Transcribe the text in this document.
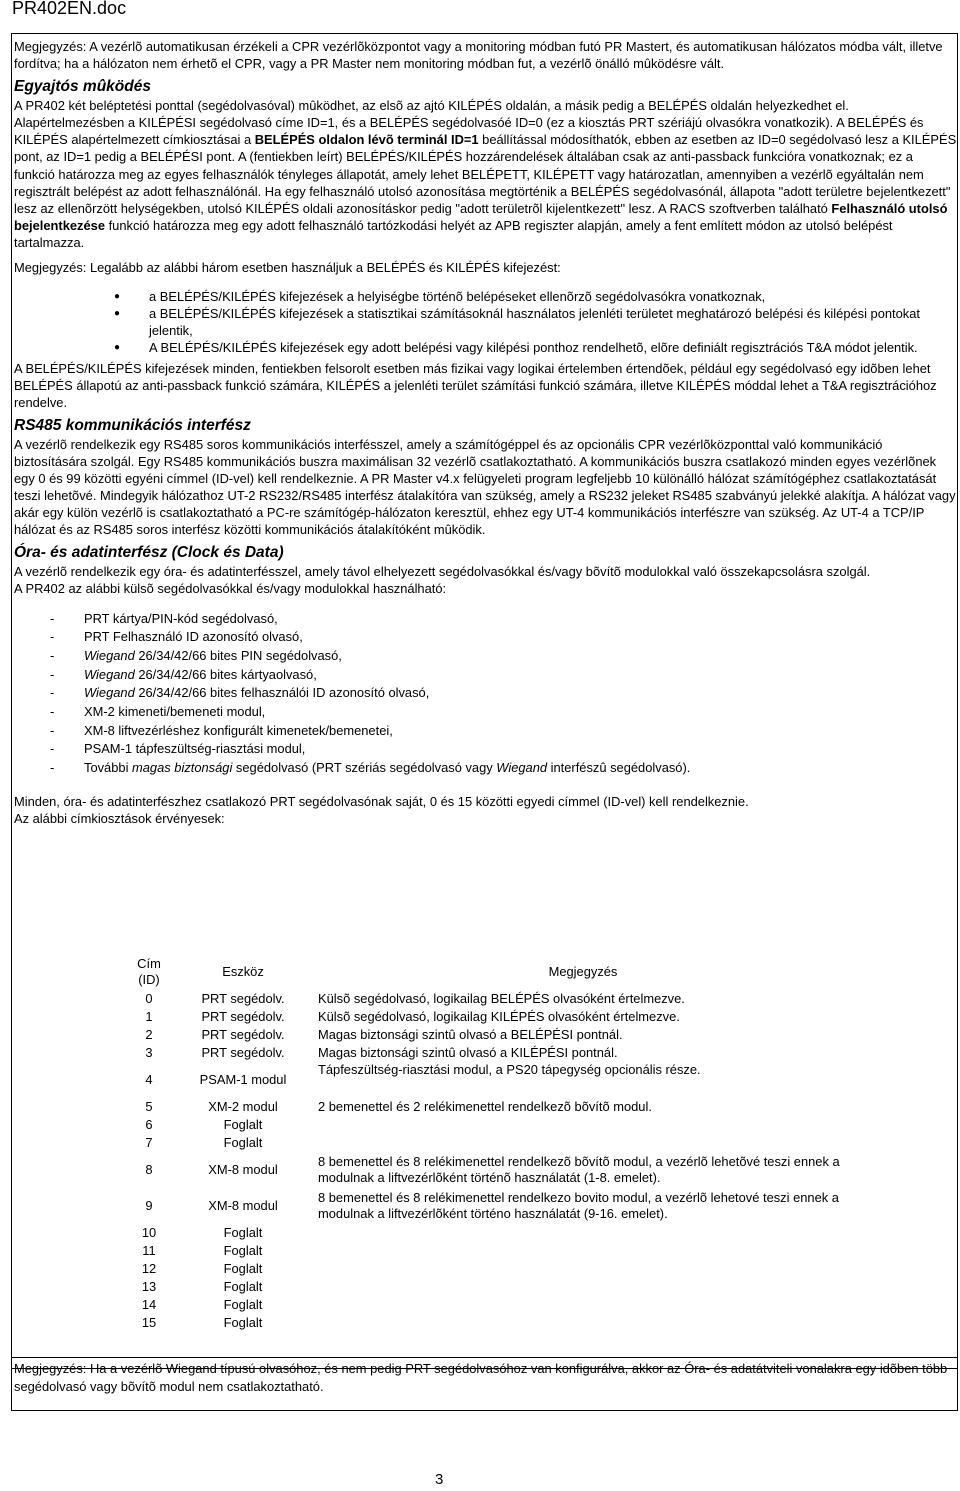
PR402EN.doc

Megjegyzés: A vezérlõ automatikusan érzékeli a CPR vezérlõközpontot vagy a monitoring módban futó PR Mastert, és automatikusan hálózatos módba vált, illetve fordítva; ha a hálózaton nem érhetõ el CPR, vagy a PR Master nem monitoring módban fut, a vezérlõ önálló mûködésre vált.

Egyajtós mûködés

A PR402 két beléptetési ponttal (segédolvasóval) mûködhet, az elsõ az ajtó KILÉPÉS oldalán, a másik pedig a BELÉPÉS oldalán helyezkedhet el. Alapértelmezésben a KILÉPÉSI segédolvasó címe ID=1, és a BELÉPÉS segédolvasóé ID=0 (ez a kiosztás PRT szériájú olvasókra vonatkozik). A BELÉPÉS és KILÉPÉS alapértelmezett címkiosztásai a BELÉPÉS oldalon lévõ terminál ID=1 beállítással módosíthatók, ebben az esetben az ID=0 segédolvasó lesz a KILÉPÉS pont, az ID=1 pedig a BELÉPÉSI pont. A (fentiekben leírt) BELÉPÉS/KILÉPÉS hozzárendelések általában csak az anti-passback funkcióra vonatkoznak; ez a funkció határozza meg az egyes felhasználók tényleges állapotát, amely lehet BELÉPETT, KILÉPETT vagy határozatlan, amennyiben a vezérlõ egyáltalán nem regisztrált belépést az adott felhasználónál. Ha egy felhasználó utolsó azonosítása megtörténik a BELÉPÉS segédolvasónál, állapota "adott területre bejelentkezett" lesz az ellenõrzött helységekben, utolsó KILÉPÉS oldali azonosításkor pedig "adott területrõl kijelentkezett" lesz. A RACS szoftverben található Felhasználó utolsó bejelentkezése funkció határozza meg egy adott felhasználó tartózkodási helyét az APB regiszter alapján, amely a fent említett módon az utolsó belépést tartalmazza.

Megjegyzés: Legalább az alábbi három esetben használjuk a BELÉPÉS és KILÉPÉS kifejezést:

● a BELÉPÉS/KILÉPÉS kifejezések a helyiségbe történõ belépéseket ellenõrzõ segédolvasókra vonatkoznak,
● a BELÉPÉS/KILÉPÉS kifejezések a statisztikai számításoknál használatos jelenléti területet meghatározó belépési és kilépési pontokat jelentik,
● A BELÉPÉS/KILÉPÉS kifejezések egy adott belépési vagy kilépési ponthoz rendelhetõ, elõre definiált regisztrációs T&A módot jelentik.

A BELÉPÉS/KILÉPÉS kifejezések minden, fentiekben felsorolt esetben más fizikai vagy logikai értelemben értendõek, például egy segédolvasó egy idõben lehet BELÉPÉS állapotú az anti-passback funkció számára, KILÉPÉS a jelenléti terület számítási funkció számára, illetve KILÉPÉS móddal lehet a T&A regisztrációhoz rendelve.

RS485 kommunikációs interfész

A vezérlõ rendelkezik egy RS485 soros kommunikációs interfésszel, amely a számítógéppel és az opcionális CPR vezérlõközponttal való kommunikáció biztosítására szolgál. Egy RS485 kommunikációs buszra maximálisan 32 vezérlõ csatlakoztatható. A kommunikációs buszra csatlakozó minden egyes vezérlõnek egy 0 és 99 közötti egyéni címmel (ID-vel) kell rendelkeznie. A PR Master v4.x felügyeleti program legfeljebb 10 különálló hálózat számítógéphez csatlakoztatását teszi lehetõvé. Mindegyik hálózathoz UT-2 RS232/RS485 interfész átalakítóra van szükség, amely a RS232 jeleket RS485 szabványú jelekké alakítja. A hálózat vagy akár egy külön vezérlõ is csatlakoztatható a PC-re számítógép-hálózaton keresztül, ehhez egy UT-4 kommunikációs interfészre van szükség. Az UT-4 a TCP/IP hálózat és az RS485 soros interfész közötti kommunikációs átalakítóként mûködik.

Óra- és adatinterfész (Clock és Data)

A vezérlõ rendelkezik egy óra- és adatinterfésszel, amely távol elhelyezett segédolvasókkal és/vagy bõvítõ modulokkal való összekapcsolásra szolgál.

A PR402 az alábbi külsõ segédolvasókkal és/vagy modulokkal használható:

- PRT kártya/PIN-kód segédolvasó,
- PRT Felhasználó ID azonosító olvasó,
- Wiegand 26/34/42/66 bites PIN segédolvasó,
- Wiegand 26/34/42/66 bites kártyaolvasó,
- Wiegand 26/34/42/66 bites felhasználói ID azonosító olvasó,
- XM-2 kimeneti/bemeneti modul,
- XM-8 liftvezérléshez konfigurált kimenetek/bemenetei,
- PSAM-1 tápfeszültség-riasztási modul,
- További magas biztonsági segédolvasó (PRT szériás segédolvasó vagy Wiegand interfészû segédolvasó).

Minden, óra- és adatinterfészhez csatlakozó PRT segédolvasónak saját, 0 és 15 közötti egyedi címmel (ID-vel) kell rendelkeznie.

Az alábbi címkiosztások érvényesek:

Cím (ID)	Eszköz	Megjegyzés
0	PRT segédolv.	Külsõ segédolvasó, logikailag BELÉPÉS olvasóként értelmezve.
1	PRT segédolv.	Külsõ segédolvasó, logikailag KILÉPÉS olvasóként értelmezve.
2	PRT segédolv.	Magas biztonsági szintû olvasó a BELÉPÉSI pontnál.
3	PRT segédolv.	Magas biztonsági szintû olvasó a KILÉPÉSI pontnál.
4	PSAM-1 modul	Tápfeszültség-riasztási modul, a PS20 tápegység opcionális része.
5	XM-2 modul	2 bemenettel és 2 relékimenettel rendelkezõ bõvítõ modul.
6	Foglalt	
7	Foglalt	
8	XM-8 modul	8 bemenettel és 8 relékimenettel rendelkezõ bõvítõ modul, a vezérlõ lehetõvé teszi ennek a modulnak a liftvezérlõként történõ használatát (1-8. emelet).
9	XM-8 modul	8 bemenettel és 8 relékimenettel rendelkezo bovito modul, a vezérlõ lehetové teszi ennek a modulnak a liftvezérlõként történo használatát (9-16. emelet).
10	Foglalt	
11	Foglalt	
12	Foglalt	
13	Foglalt	
14	Foglalt	
15	Foglalt	
Megjegyzés: Ha a vezérlõ Wiegand típusú olvasóhoz, és nem pedig PRT segédolvasóhoz van konfigurálva, akkor az Óra- és adatátviteli vonalakra egy idõben több segédolvasó vagy bõvítõ modul nem csatlakoztatható.
3
